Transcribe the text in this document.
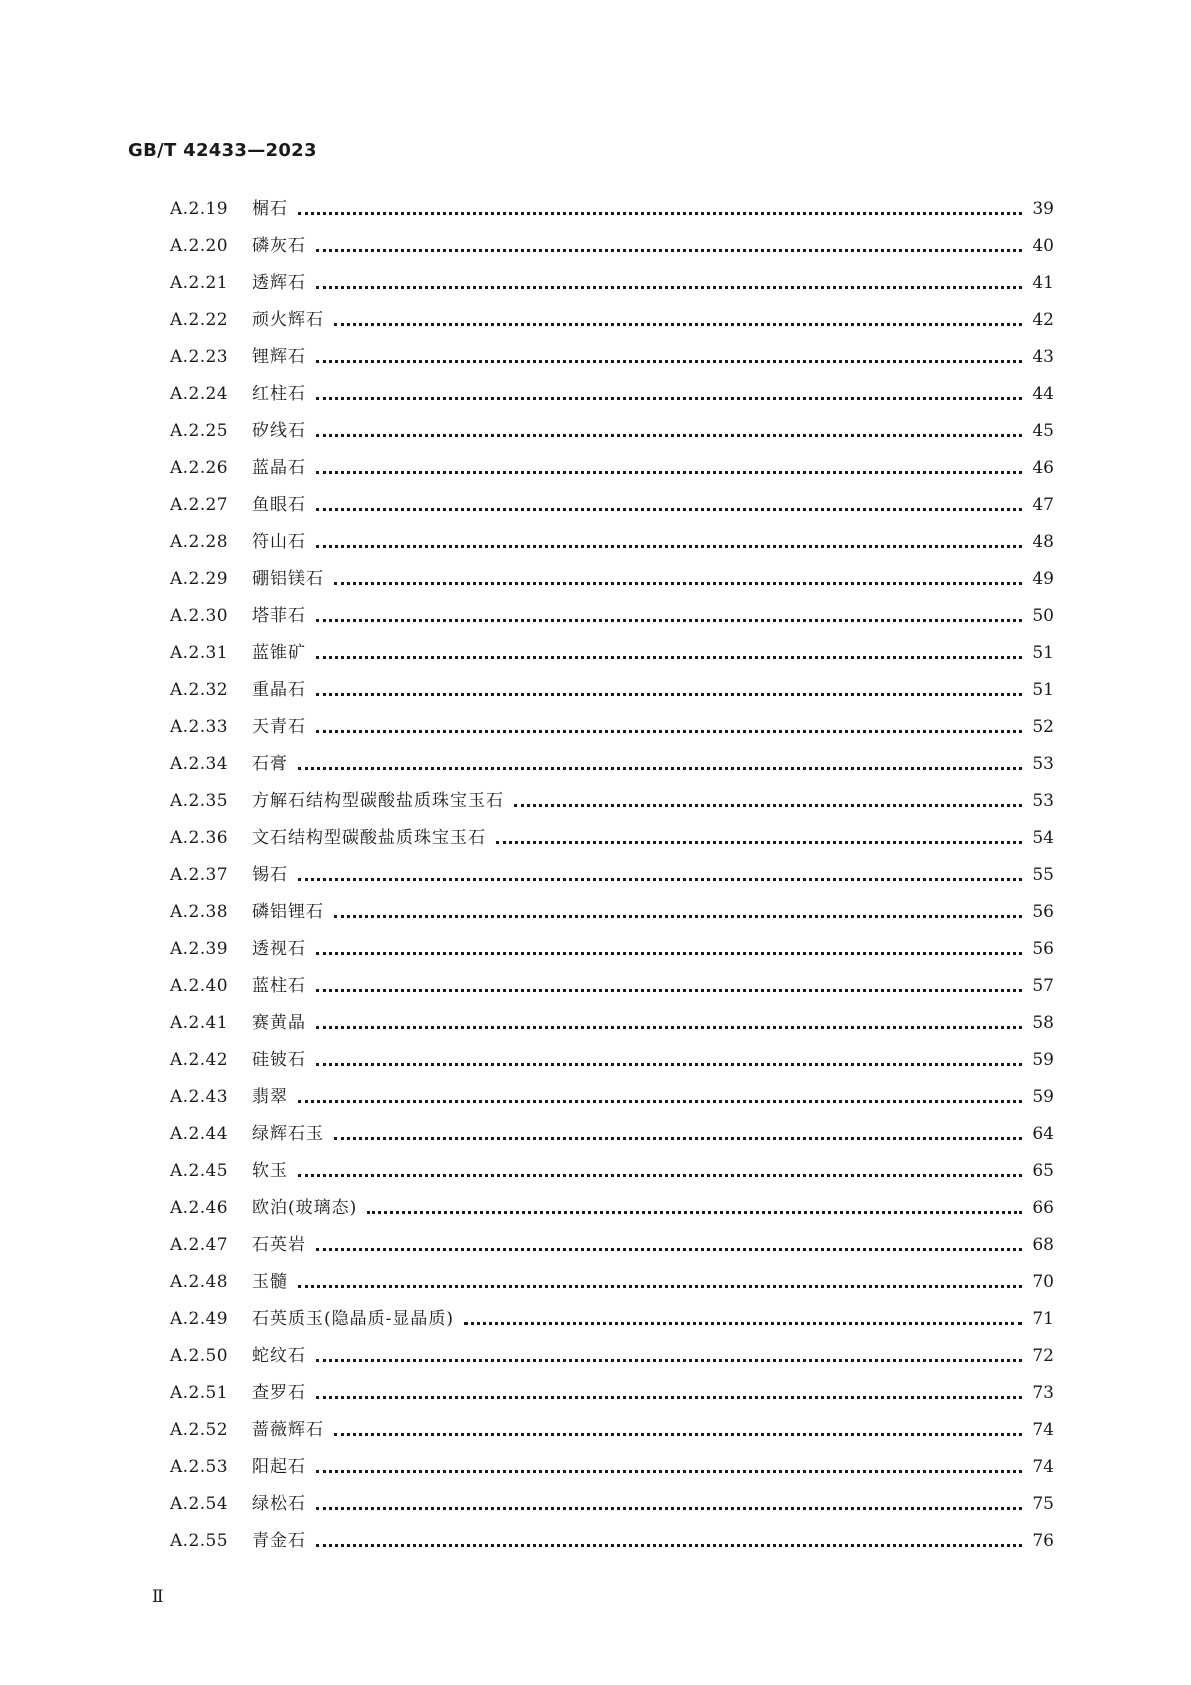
GB/T 42433—2023
A.2.19	榍石	39
A.2.20	磷灰石	40
A.2.21	透辉石	41
A.2.22	顽火辉石	42
A.2.23	锂辉石	43
A.2.24	红柱石	44
A.2.25	矽线石	45
A.2.26	蓝晶石	46
A.2.27	鱼眼石	47
A.2.28	符山石	48
A.2.29	硼铝镁石	49
A.2.30	塔菲石	50
A.2.31	蓝锥矿	51
A.2.32	重晶石	51
A.2.33	天青石	52
A.2.34	石膏	53
A.2.35	方解石结构型碳酸盐质珠宝玉石	53
A.2.36	文石结构型碳酸盐质珠宝玉石	54
A.2.37	锡石	55
A.2.38	磷铝锂石	56
A.2.39	透视石	56
A.2.40	蓝柱石	57
A.2.41	赛黄晶	58
A.2.42	硅铍石	59
A.2.43	翡翠	59
A.2.44	绿辉石玉	64
A.2.45	软玉	65
A.2.46	欧泊(玻璃态)	66
A.2.47	石英岩	68
A.2.48	玉髓	70
A.2.49	石英质玉(隐晶质-显晶质)	71
A.2.50	蛇纹石	72
A.2.51	查罗石	73
A.2.52	蔷薇辉石	74
A.2.53	阳起石	74
A.2.54	绿松石	75
A.2.55	青金石	76
Ⅱ
